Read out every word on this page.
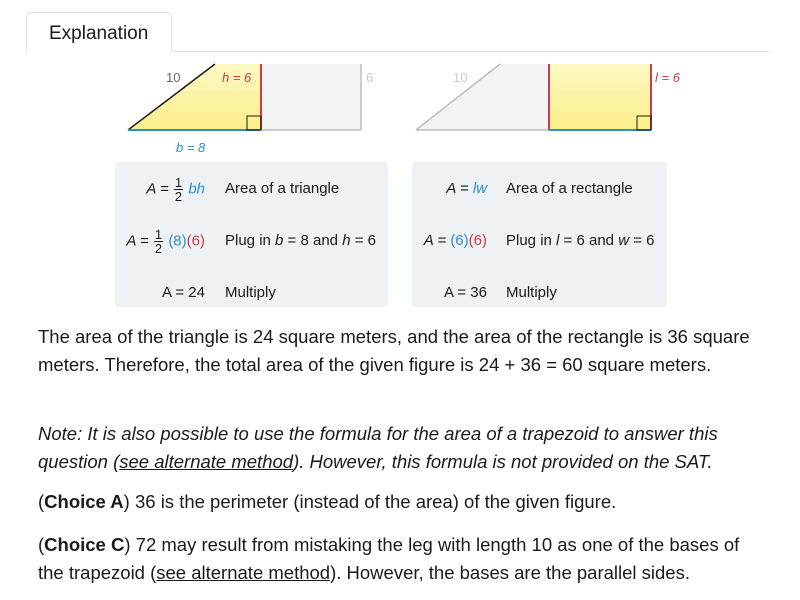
Explanation
10	h = 6	6
b = 8
10	l = 6
$A = \frac{1}{2}$ bh Area of a triangle
$A = \frac{1}{2} (8)(6)$ Plug in b = 8 and h = 6
A = 24 Multiply
A = lw Area of a rectangle
A = (6)(6) Plug in l = 6 and w = 6
A = 36 Multiply

The area of the triangle is 24 square meters, and the area of the rectangle is 36 square meters. Therefore, the total area of the given figure is 24 + 36 = 60 square meters.

Note: It is also possible to use the formula for the area of a trapezoid to answer this question (see alternate method). However, this formula is not provided on the SAT.

(Choice A) 36 is the perimeter (instead of the area) of the given figure.

(Choice C) 72 may result from mistaking the leg with length 10 as one of the bases of the trapezoid (see alternate method). However, the bases are the parallel sides.
